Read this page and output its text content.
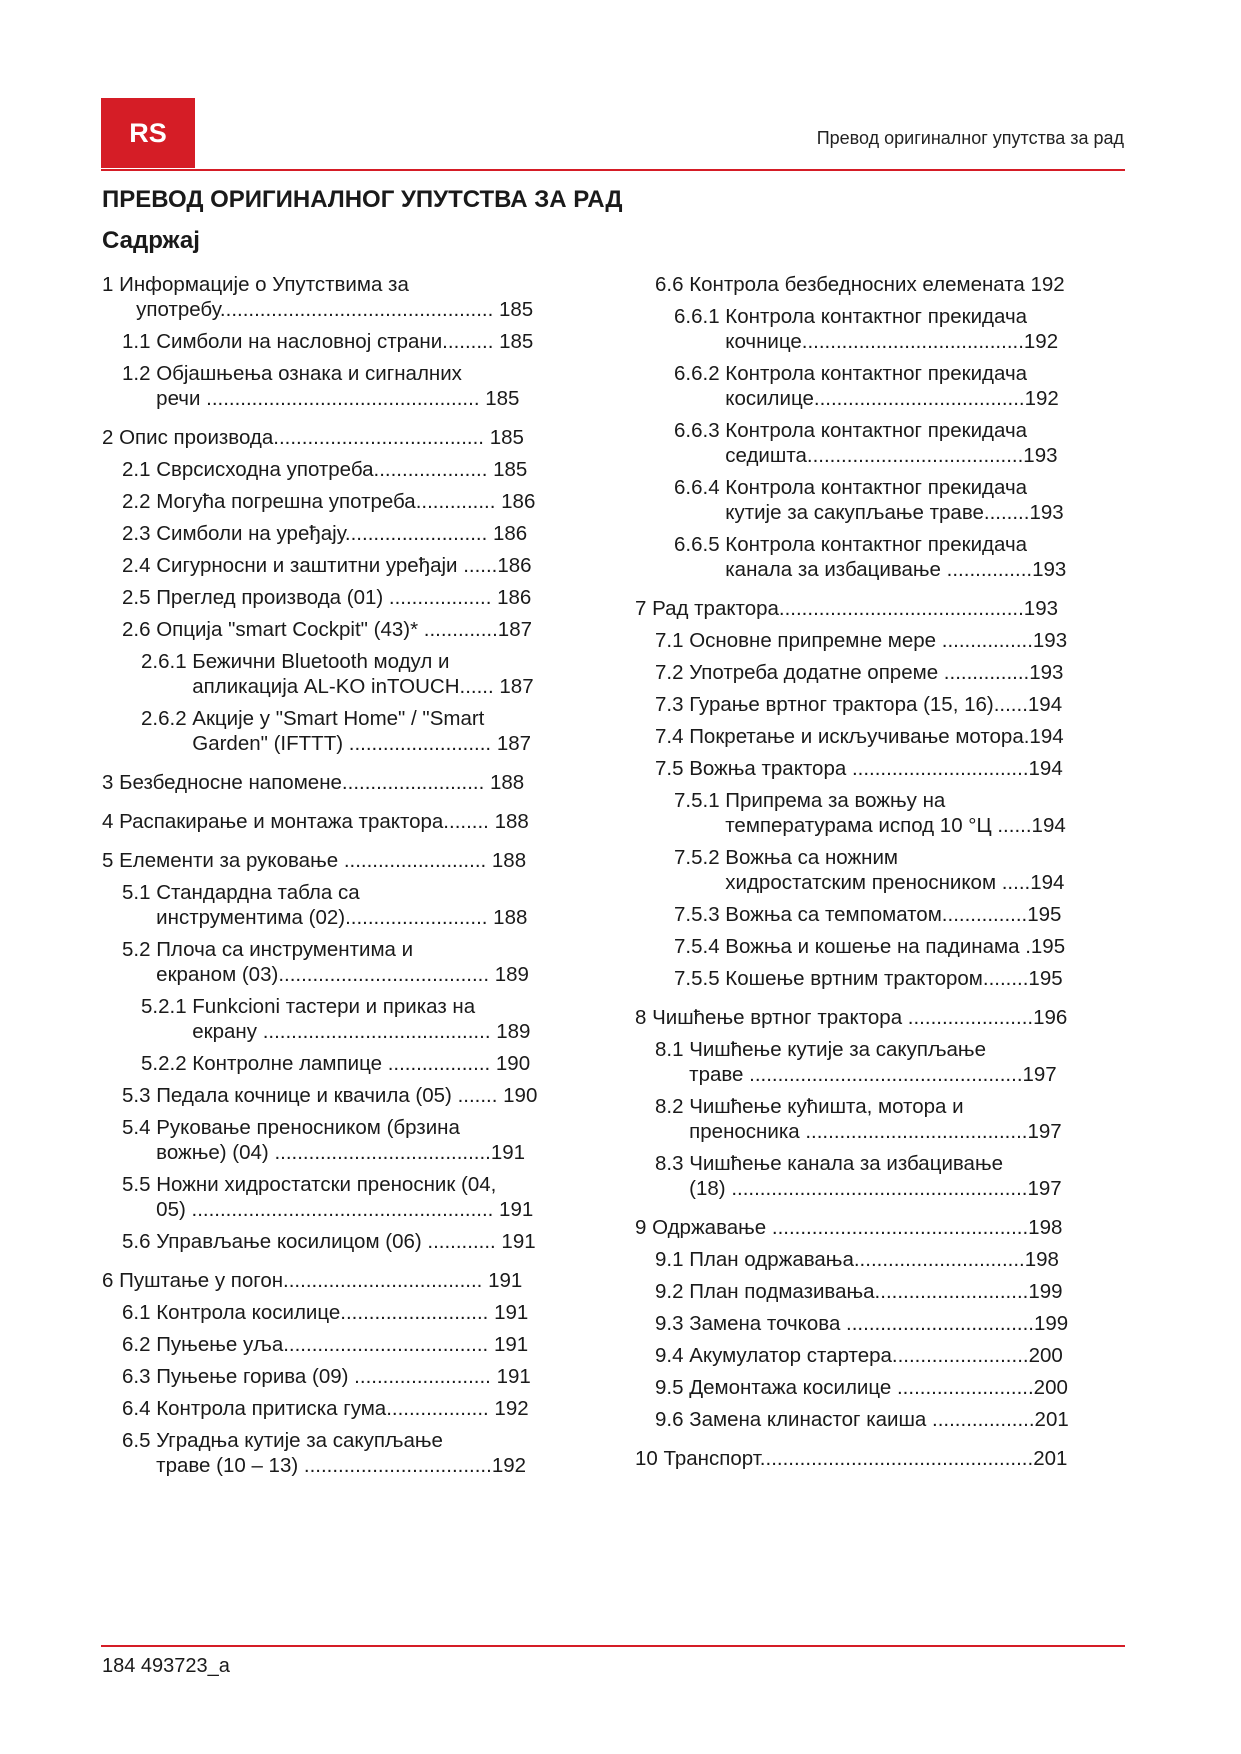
RS	Превод оригиналног упутства за рад
ПРЕВОД ОРИГИНАЛНОГ УПУТСТВА ЗА РАД
Садржај
1 Информације о Упутствима за
употребу................................................ 185
1.1 Симболи на насловној страни......... 185
1.2 Објашњења ознака и сигналних
речи ................................................ 185
2 Опис производа..................................... 185
2.1 Сврсисходна употреба.................... 185
2.2 Могућа погрешна употреба.............. 186
2.3 Симболи на уређају......................... 186
2.4 Сигурносни и заштитни уређаји ......186
2.5 Преглед производа (01) .................. 186
2.6 Опција "smart Cockpit" (43)* .............187
2.6.1 Бежични Bluetooth модул и
апликација AL-KO inTOUCH...... 187
2.6.2 Акције у "Smart Home" / "Smart
Garden" (IFTTT) ......................... 187
3 Безбедносне напомене......................... 188
4 Распакирање и монтажа трактора........ 188
5 Елементи за руковање ......................... 188
5.1 Стандардна табла са
инструментима (02)......................... 188
5.2 Плоча са инструментима и
екраном (03)..................................... 189
5.2.1 Funkcioni тастери и приказ на
екрану ........................................ 189
5.2.2 Контролне лампице .................. 190
5.3 Педала кочнице и квачила (05) ....... 190
5.4 Руковање преносником (брзина
вожње) (04) ......................................191
5.5 Ножни хидростатски преносник (04,
05) ..................................................... 191
5.6 Управљање косилицом (06) ............ 191
6 Пуштање у погон................................... 191
6.1 Контрола косилице.......................... 191
6.2 Пуњење уља.................................... 191
6.3 Пуњење горива (09) ........................ 191
6.4 Контрола притиска гума.................. 192
6.5 Уградња кутије за сакупљање
траве (10 – 13) .................................192
6.6 Контрола безбедносних елемената 192
6.6.1 Контрола контактног прекидача
кочнице.......................................192
6.6.2 Контрола контактног прекидача
косилице.....................................192
6.6.3 Контрола контактног прекидача
седишта......................................193
6.6.4 Контрола контактног прекидача
кутије за сакупљање траве........193
6.6.5 Контрола контактног прекидача
канала за избацивање ...............193
7 Рад трактора...........................................193
7.1 Основне припремне мере ................193
7.2 Употреба додатне опреме ...............193
7.3 Гурање вртног трактора (15, 16)......194
7.4 Покретање и искључивање мотора.194
7.5 Вожња трактора ...............................194
7.5.1 Припрема за вожњу на
температурама испод 10 °Ц ......194
7.5.2 Вожња са ножним
хидростатским преносником .....194
7.5.3 Вожња са темпоматом...............195
7.5.4 Вожња и кошење на падинама .195
7.5.5 Кошење вртним трактором........195
8 Чишћење вртног трактора ......................196
8.1 Чишћење кутије за сакупљање
траве ................................................197
8.2 Чишћење кућишта, мотора и
преносника .......................................197
8.3 Чишћење канала за избацивање
(18) ....................................................197
9 Одржавање .............................................198
9.1 План одржавања..............................198
9.2 План подмазивања...........................199
9.3 Замена точкова .................................199
9.4 Акумулатор стартера........................200
9.5 Демонтажа косилице ........................200
9.6 Замена клинастог каиша ..................201
10 Транспорт................................................201
184 493723_a
